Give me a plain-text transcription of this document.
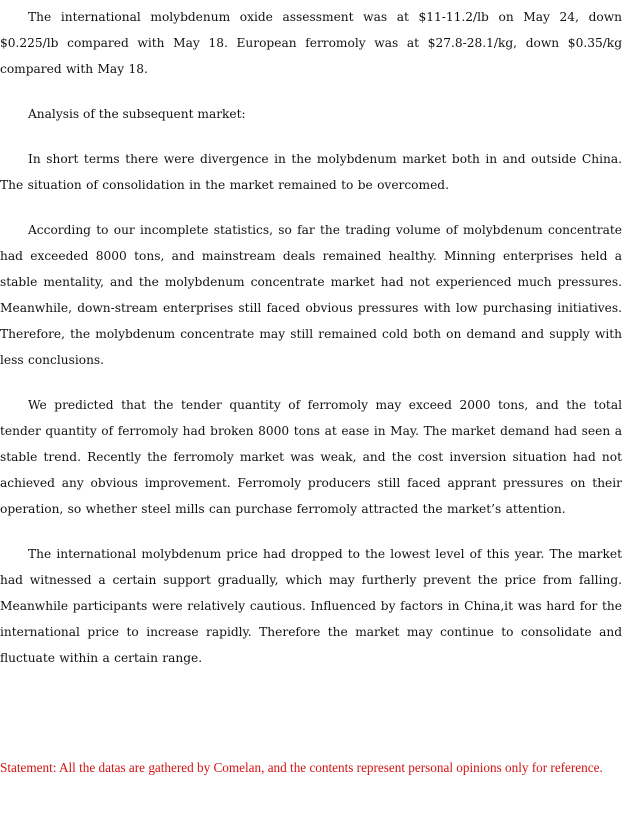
The international molybdenum oxide assessment was at $11-11.2/lb on May 24, down $0.225/lb compared with May 18. European ferromoly was at $27.8-28.1/kg, down $0.35/kg compared with May 18.

Analysis of the subsequent market:

In short terms there were divergence in the molybdenum market both in and outside China. The situation of consolidation in the market remained to be overcomed.

According to our incomplete statistics, so far the trading volume of molybdenum concentrate had exceeded 8000 tons, and mainstream deals remained healthy. Minning enterprises held a stable mentality, and the molybdenum concentrate market had not experienced much pressures. Meanwhile, down-stream enterprises still faced obvious pressures with low purchasing initiatives. Therefore, the molybdenum concentrate may still remained cold both on demand and supply with less conclusions.

We predicted that the tender quantity of ferromoly may exceed 2000 tons, and the total tender quantity of ferromoly had broken 8000 tons at ease in May. The market demand had seen a stable trend. Recently the ferromoly market was weak, and the cost inversion situation had not achieved any obvious improvement. Ferromoly producers still faced apprant pressures on their operation, so whether steel mills can purchase ferromoly attracted the market’s attention.

The international molybdenum price had dropped to the lowest level of this year. The market had witnessed a certain support gradually, which may furtherly prevent the price from falling. Meanwhile participants were relatively cautious. Influenced by factors in China,it was hard for the international price to increase rapidly. Therefore the market may continue to consolidate and fluctuate within a certain range.

Statement: All the datas are gathered by Comelan, and the contents represent personal opinions only for reference.
